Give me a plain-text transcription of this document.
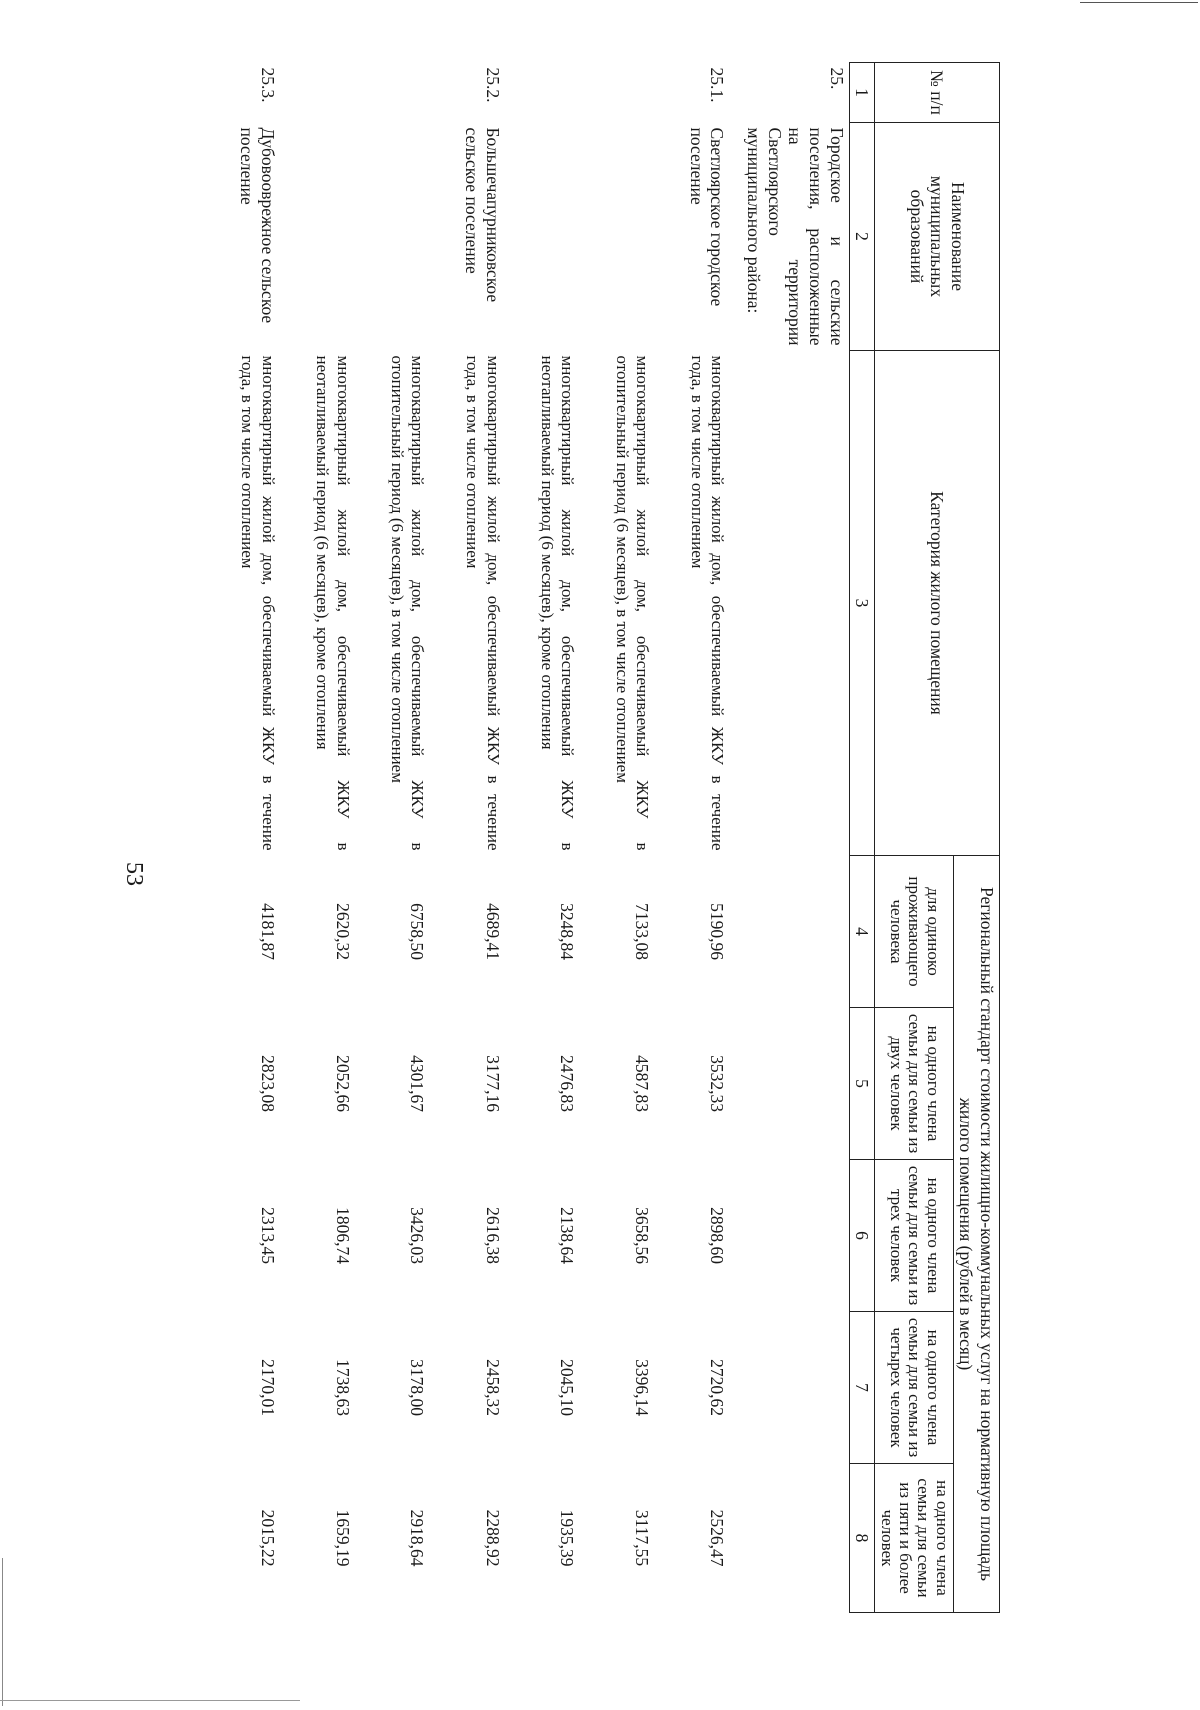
53
№ п/п	Наименование муниципальных образований	Категория жилого помещения	Региональный стандарт стоимости жилищно-коммунальных услуг на нормативную площадь жилого помещения (рублей в месяц)				
			для одиноко проживающего человека	на одного члена семьи для семьи из двух человек	на одного члена семьи для семьи из трех человек	на одного члена семьи для семьи из четырех человек	на одного члена семьи для семьи из пяти и более человек
1	2	3	4	5	6	7	8
25.	Городское и сельские поселения, расположенные на территории Светлоярского муниципального района:						
25.1.	Светлоярское городское поселение	многоквартирный жилой дом, обеспечиваемый ЖКУ в течение года, в том числе отоплением	5190,96	3532,33	2898,60	2720,62	2526,47

		многоквартирный жилой дом, обеспечиваемый ЖКУ в отопительный период (6 месяцев), в том числе отоплением	7133,08	4587,83	3658,56	3396,14	3117,55

		многоквартирный жилой дом, обеспечиваемый ЖКУ в неотапливаемый период (6 месяцев), кроме отопления	3248,84	2476,83	2138,64	2045,10	1935,39
25.2.	Большечапурниковское сельское поселение	многоквартирный жилой дом, обеспечиваемый ЖКУ в течение года, в том числе отоплением	4689,41	3177,16	2616,38	2458,32	2288,92

		многоквартирный жилой дом, обеспечиваемый ЖКУ в отопительный период (6 месяцев), в том числе отоплением	6758,50	4301,67	3426,03	3178,00	2918,64

		многоквартирный жилой дом, обеспечиваемый ЖКУ в неотапливаемый период (6 месяцев), кроме отопления	2620,32	2052,66	1806,74	1738,63	1659,19
25.3.	Дубовооврежное сельское поселение	многоквартирный жилой дом, обеспечиваемый ЖКУ в течение года, в том числе отоплением	4181,87	2823,08	2313,45	2170,01	2015,22
